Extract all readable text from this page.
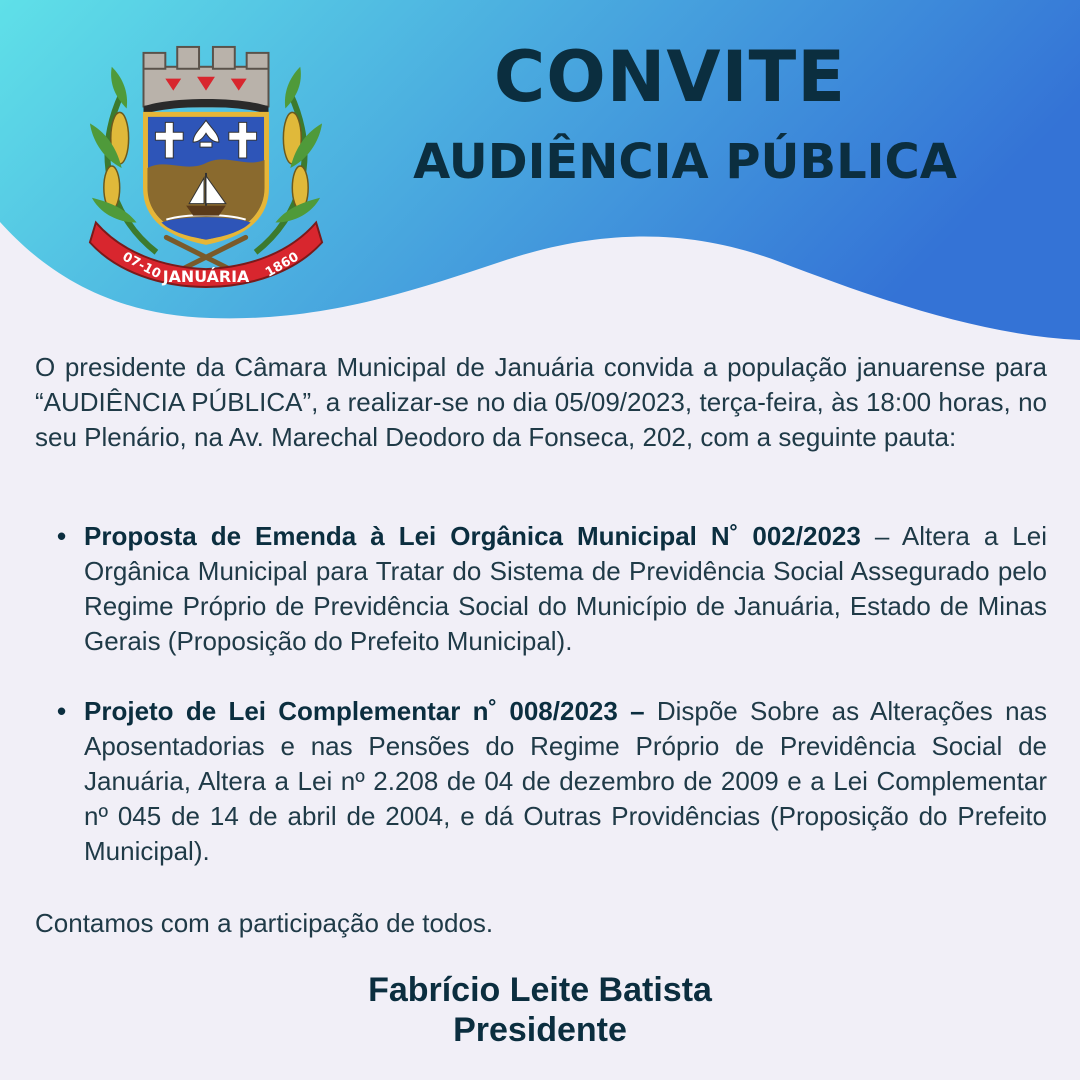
07-10 JANUÁRIA 1860
CONVITE
AUDIÊNCIA PÚBLICA
O presidente da Câmara Municipal de Januária convida a população januarense para “AUDIÊNCIA PÚBLICA”, a realizar-se no dia 05/09/2023, terça-feira, às 18:00 horas, no seu Plenário, na Av. Marechal Deodoro da Fonseca, 202, com a seguinte pauta:
• Proposta de Emenda à Lei Orgânica Municipal N˚ 002/2023 – Altera a Lei Orgânica Municipal para Tratar do Sistema de Previdência Social Assegurado pelo Regime Próprio de Previdência Social do Município de Januária, Estado de Minas Gerais (Proposição do Prefeito Municipal).
• Projeto de Lei Complementar n˚ 008/2023 – Dispõe Sobre as Alterações nas Aposentadorias e nas Pensões do Regime Próprio de Previdência Social de Januária, Altera a Lei nº 2.208 de 04 de dezembro de 2009 e a Lei Complementar nº 045 de 14 de abril de 2004, e dá Outras Providências (Proposição do Prefeito Municipal).
Contamos com a participação de todos.
Fabrício Leite Batista
Presidente
